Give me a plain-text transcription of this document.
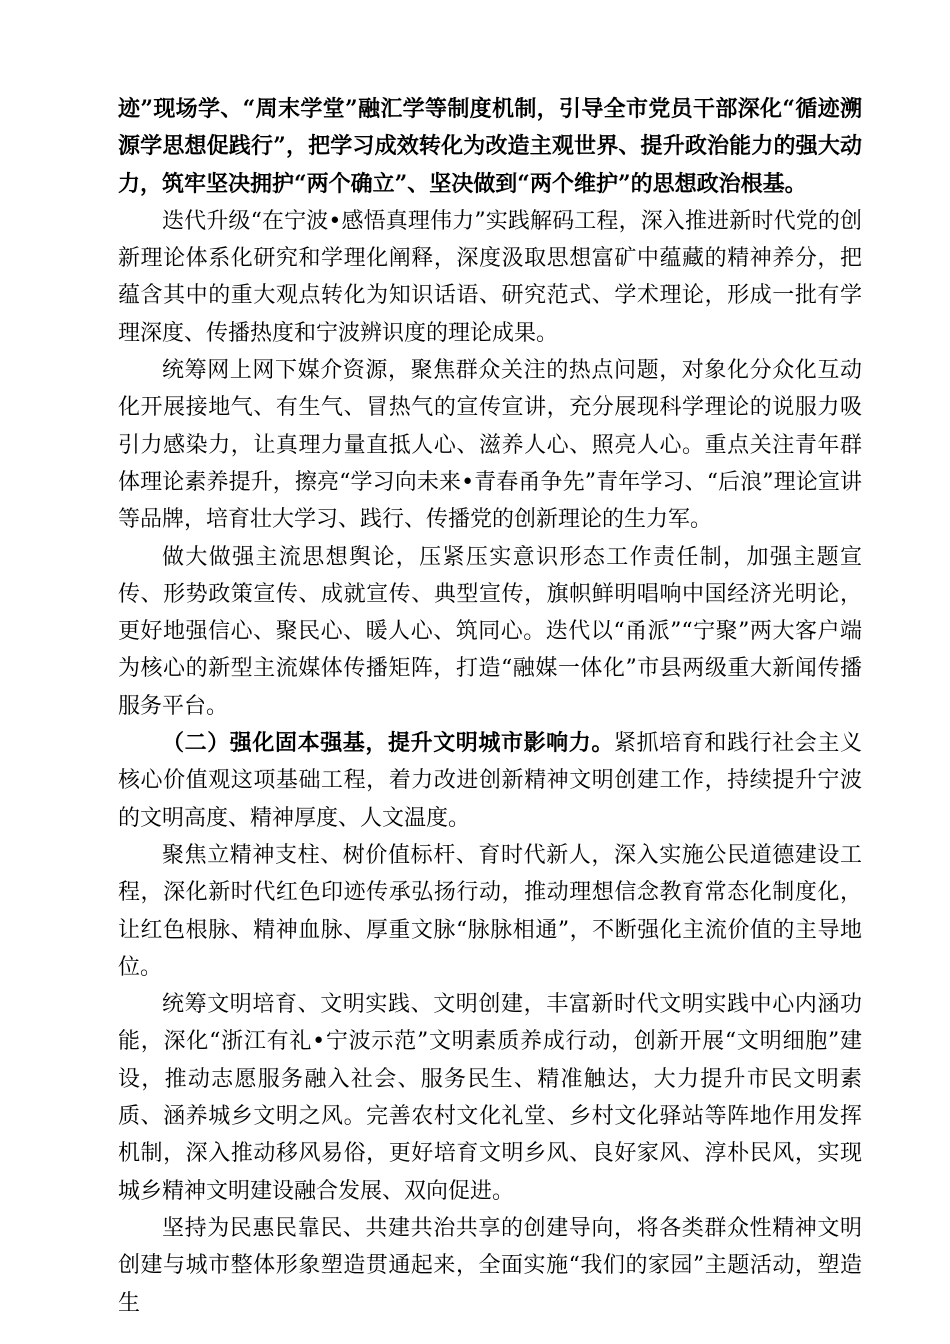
迹”现场学、“周末学堂”融汇学等制度机制，引导全市党员干部深化“循迹溯源学思想促践行”，把学习成效转化为改造主观世界、提升政治能力的强大动力，筑牢坚决拥护“两个确立”、坚决做到“两个维护”的思想政治根基。

迭代升级“在宁波•感悟真理伟力”实践解码工程，深入推进新时代党的创新理论体系化研究和学理化阐释，深度汲取思想富矿中蕴藏的精神养分，把蕴含其中的重大观点转化为知识话语、研究范式、学术理论，形成一批有学理深度、传播热度和宁波辨识度的理论成果。

统筹网上网下媒介资源，聚焦群众关注的热点问题，对象化分众化互动化开展接地气、有生气、冒热气的宣传宣讲，充分展现科学理论的说服力吸引力感染力，让真理力量直抵人心、滋养人心、照亮人心。重点关注青年群体理论素养提升，擦亮“学习向未来•青春甬争先”青年学习、“后浪”理论宣讲等品牌，培育壮大学习、践行、传播党的创新理论的生力军。

做大做强主流思想舆论，压紧压实意识形态工作责任制，加强主题宣传、形势政策宣传、成就宣传、典型宣传，旗帜鲜明唱响中国经济光明论，更好地强信心、聚民心、暖人心、筑同心。迭代以“甬派”“宁聚”两大客户端为核心的新型主流媒体传播矩阵，打造“融媒一体化”市县两级重大新闻传播服务平台。

（二）强化固本强基，提升文明城市影响力。紧抓培育和践行社会主义核心价值观这项基础工程，着力改进创新精神文明创建工作，持续提升宁波的文明高度、精神厚度、人文温度。

聚焦立精神支柱、树价值标杆、育时代新人，深入实施公民道德建设工程，深化新时代红色印迹传承弘扬行动，推动理想信念教育常态化制度化，让红色根脉、精神血脉、厚重文脉“脉脉相通”，不断强化主流价值的主导地位。

统筹文明培育、文明实践、文明创建，丰富新时代文明实践中心内涵功能，深化“浙江有礼•宁波示范”文明素质养成行动，创新开展“文明细胞”建设，推动志愿服务融入社会、服务民生、精准触达，大力提升市民文明素质、涵养城乡文明之风。完善农村文化礼堂、乡村文化驿站等阵地作用发挥机制，深入推动移风易俗，更好培育文明乡风、良好家风、淳朴民风，实现城乡精神文明建设融合发展、双向促进。

坚持为民惠民靠民、共建共治共享的创建导向，将各类群众性精神文明创建与城市整体形象塑造贯通起来，全面实施“我们的家园”主题活动，塑造生
